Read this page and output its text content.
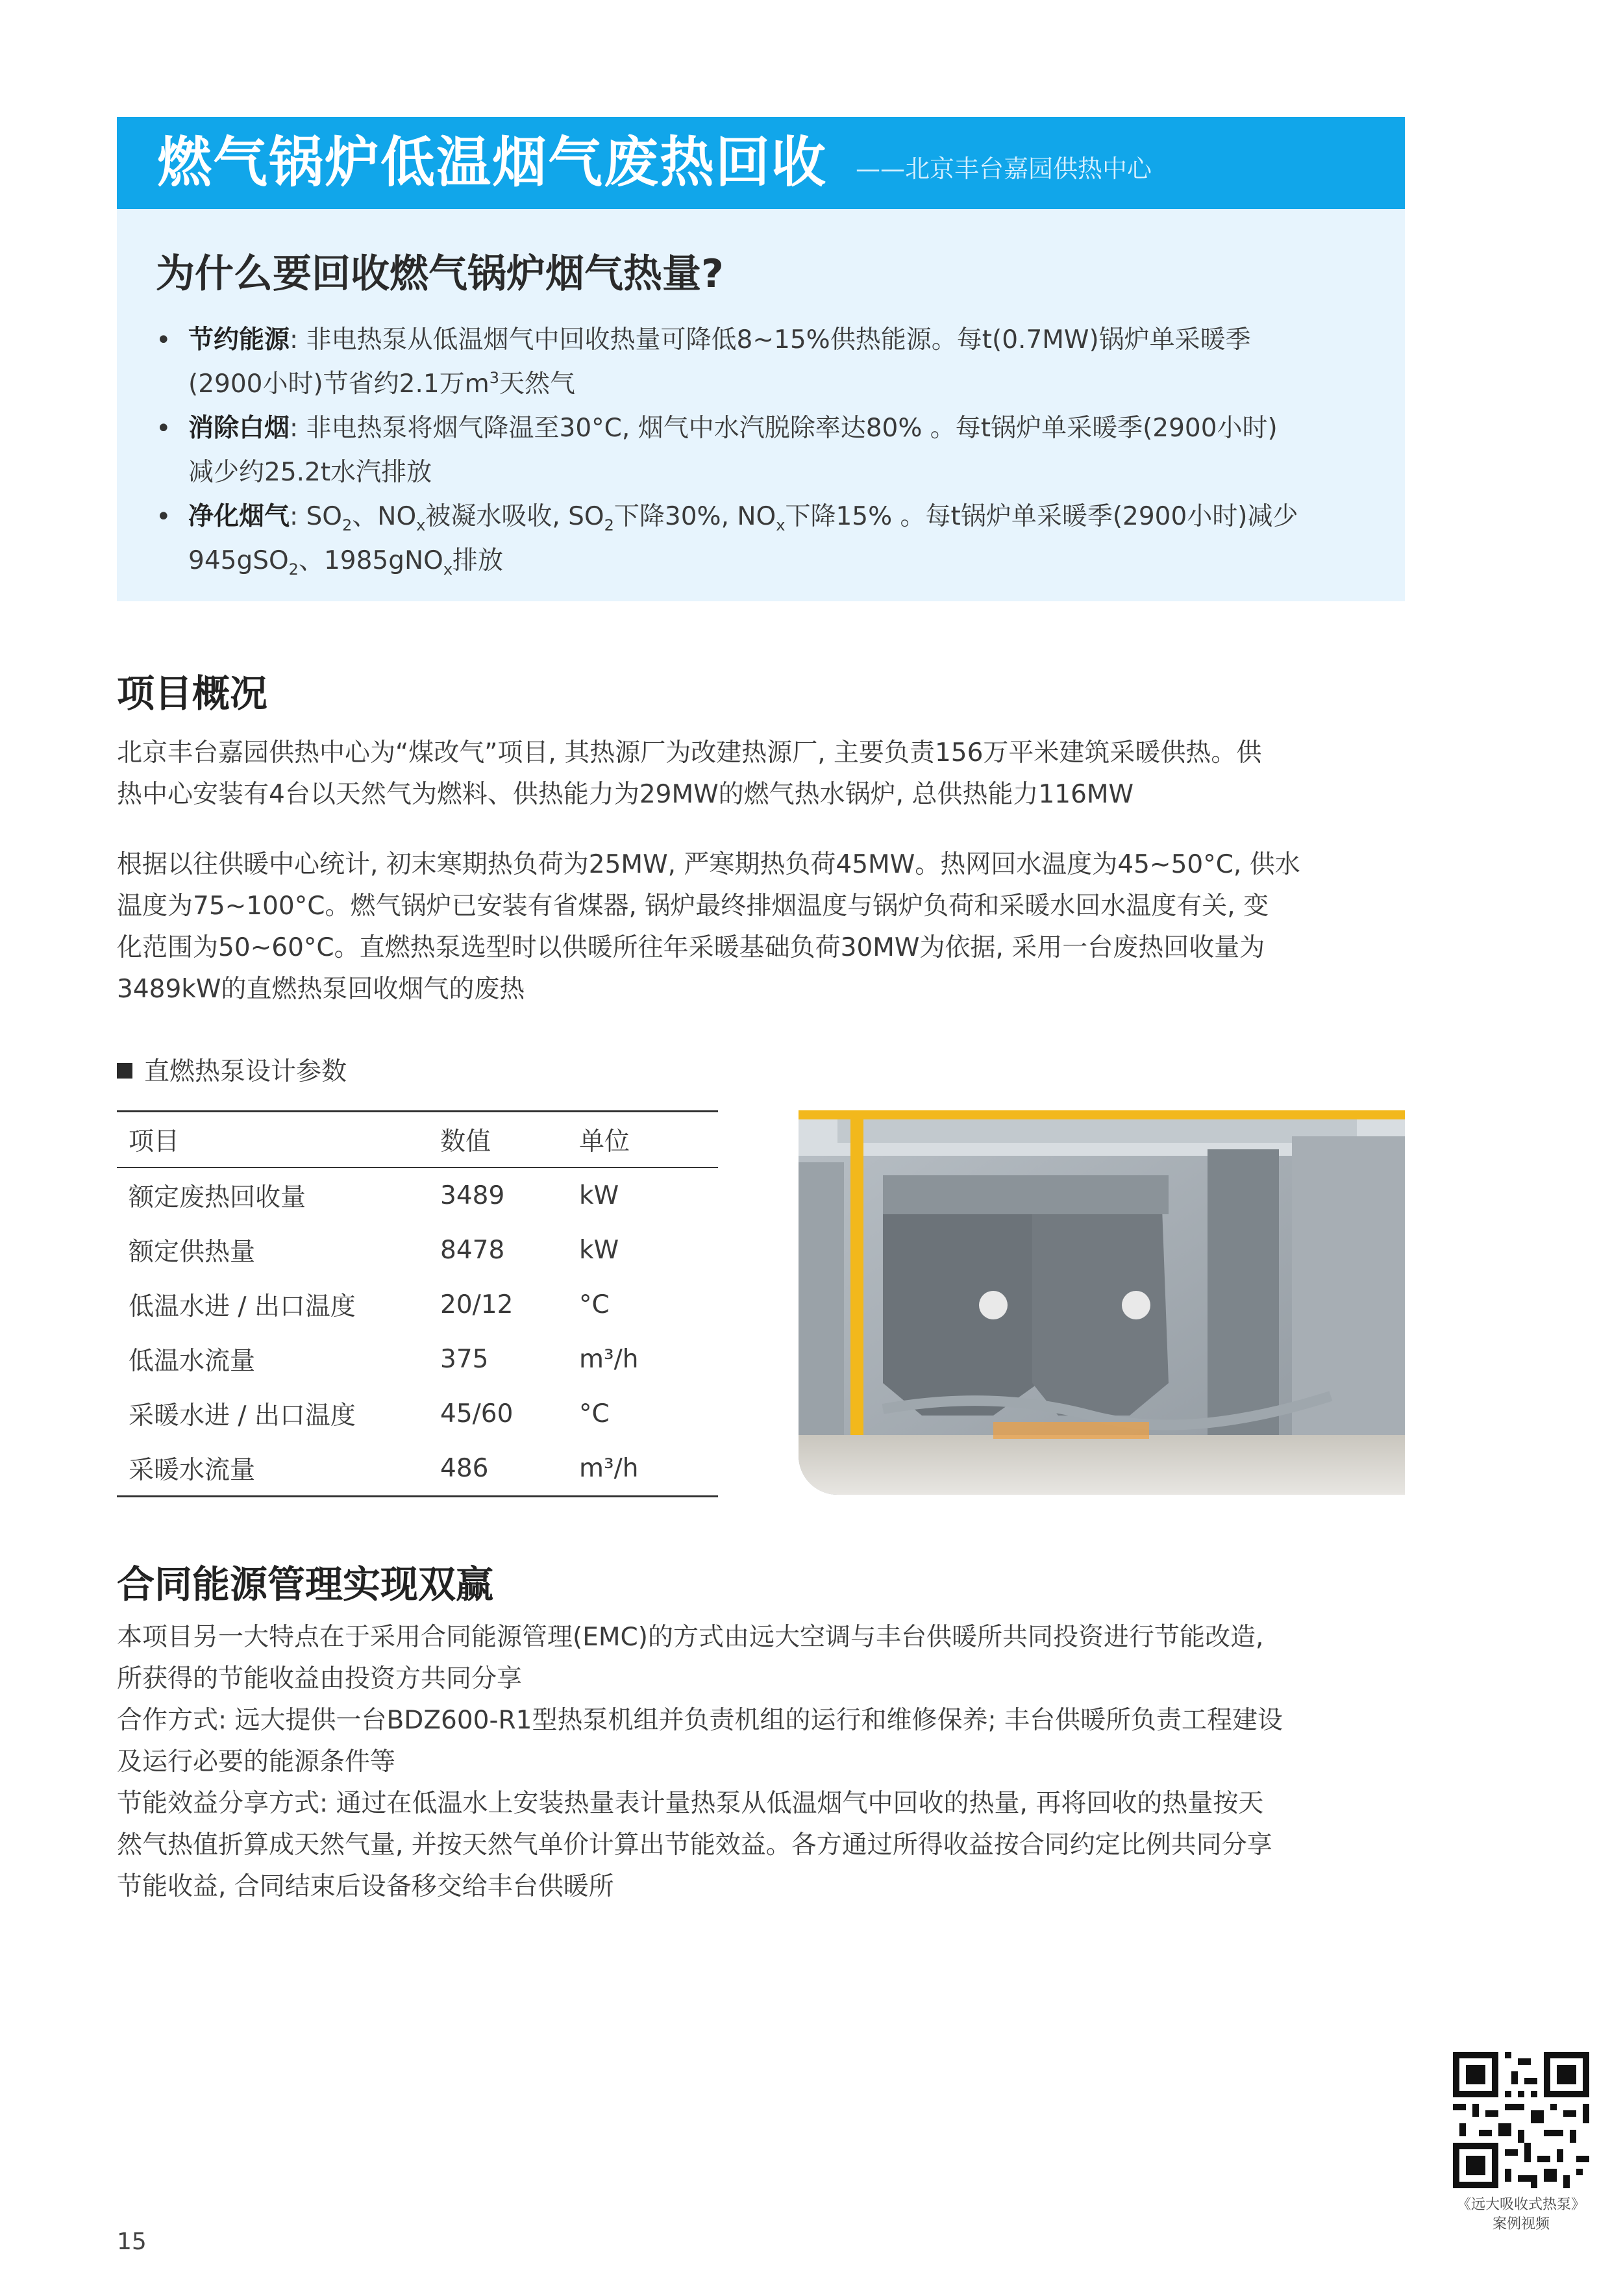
燃气锅炉低温烟气废热回收 ——北京丰台嘉园供热中心
为什么要回收燃气锅炉烟气热量?
• 节约能源: 非电热泵从低温烟气中回收热量可降低8~15%供热能源。每t(0.7MW)锅炉单采暖季
(2900小时)节省约2.1万$m^3$天然气
• 消除白烟: 非电热泵将烟气降温至30°C, 烟气中水汽脱除率达80% 。每t锅炉单采暖季(2900小时)
减少约25.2t水汽排放
• 净化烟气: $SO_2$、$NO_x$被凝水吸收, $SO_2$下降30%, $NO_x$下降15% 。每t锅炉单采暖季(2900小时)减少
945gSO$_2$、1985gNO$_x$排放
项目概况
北京丰台嘉园供热中心为“煤改气”项目, 其热源厂为改建热源厂, 主要负责156万平米建筑采暖供热。供
热中心安装有4台以天然气为燃料、供热能力为29MW的燃气热水锅炉, 总供热能力116MW
根据以往供暖中心统计, 初末寒期热负荷为25MW, 严寒期热负荷45MW。热网回水温度为45~50°C, 供水
温度为75~100°C。燃气锅炉已安装有省煤器, 锅炉最终排烟温度与锅炉负荷和采暖水回水温度有关, 变
化范围为50~60°C。直燃热泵选型时以供暖所往年采暖基础负荷30MW为依据, 采用一台废热回收量为
3489kW的直燃热泵回收烟气的废热
直燃热泵设计参数
项目	数值	单位
额定废热回收量	3489	kW
额定供热量	8478	kW
低温水进 / 出口温度	20/12	°C
低温水流量	375	m³/h
采暖水进 / 出口温度	45/60	°C
采暖水流量	486	m³/h
合同能源管理实现双赢
本项目另一大特点在于采用合同能源管理(EMC)的方式由远大空调与丰台供暖所共同投资进行节能改造,
所获得的节能收益由投资方共同分享
合作方式: 远大提供一台BDZ600-R1型热泵机组并负责机组的运行和维修保养; 丰台供暖所负责工程建设
及运行必要的能源条件等
节能效益分享方式: 通过在低温水上安装热量表计量热泵从低温烟气中回收的热量, 再将回收的热量按天
然气热值折算成天然气量, 并按天然气单价计算出节能效益。各方通过所得收益按合同约定比例共同分享
节能收益, 合同结束后设备移交给丰台供暖所
《远大吸收式热泵》
案例视频
15
